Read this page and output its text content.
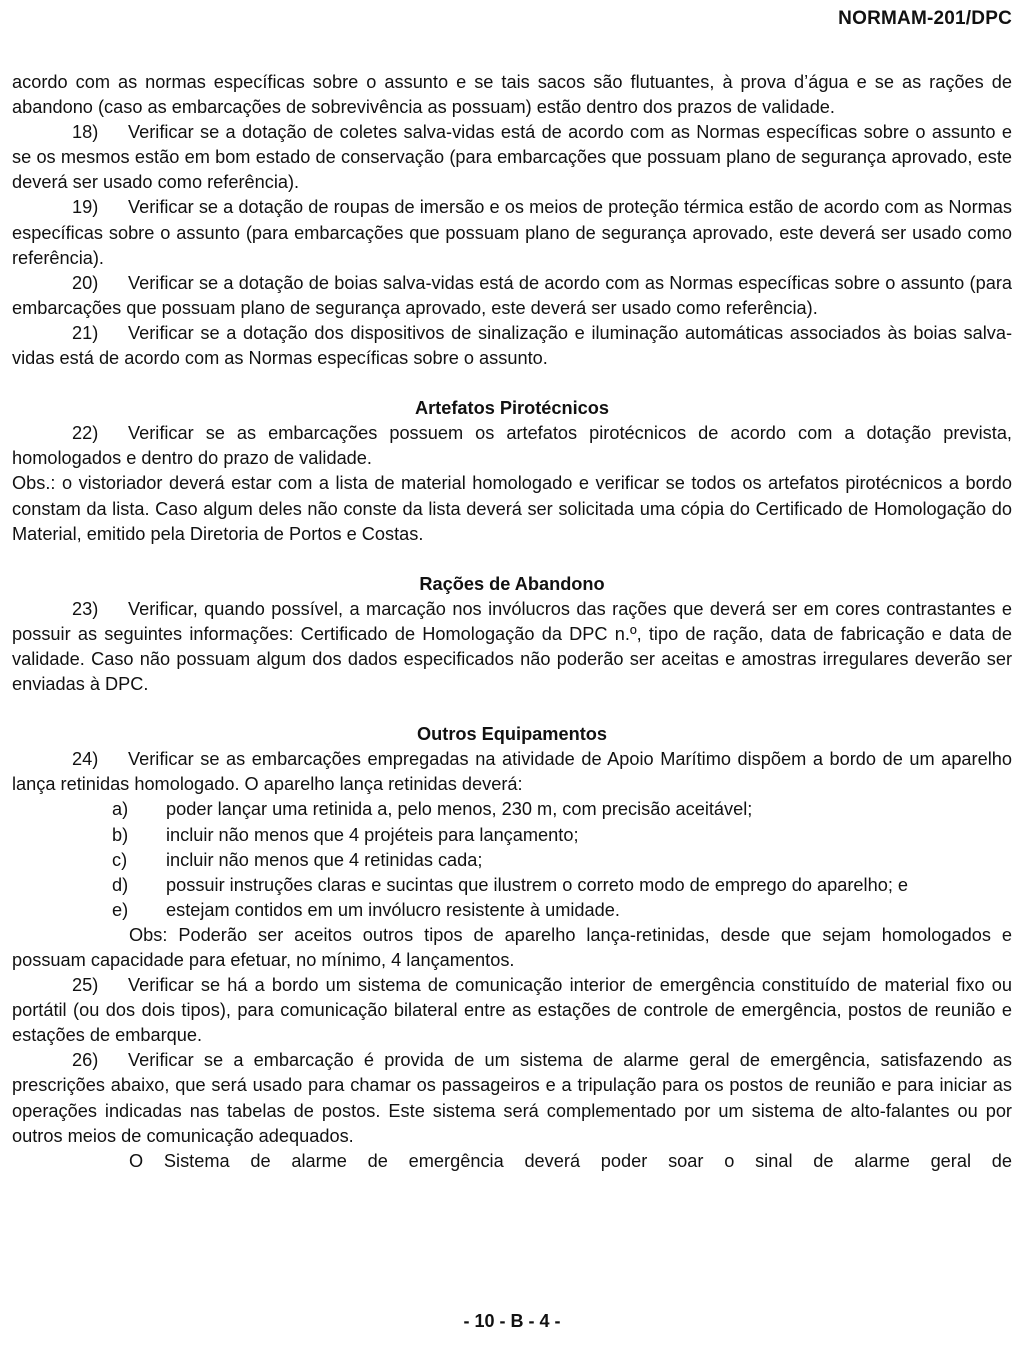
NORMAM-201/DPC

acordo com as normas específicas sobre o assunto e se tais sacos são flutuantes, à prova d’água e se as rações de abandono (caso as embarcações de sobrevivência as possuam) estão dentro dos prazos de validade.

18) Verificar se a dotação de coletes salva-vidas está de acordo com as Normas específicas sobre o assunto e se os mesmos estão em bom estado de conservação (para embarcações que possuam plano de segurança aprovado, este deverá ser usado como referência).

19) Verificar se a dotação de roupas de imersão e os meios de proteção térmica estão de acordo com as Normas específicas sobre o assunto (para embarcações que possuam plano de segurança aprovado, este deverá ser usado como referência).

20) Verificar se a dotação de boias salva-vidas está de acordo com as Normas específicas sobre o assunto (para embarcações que possuam plano de segurança aprovado, este deverá ser usado como referência).

21) Verificar se a dotação dos dispositivos de sinalização e iluminação automáticas associados às boias salva-vidas está de acordo com as Normas específicas sobre o assunto.

Artefatos Pirotécnicos

22) Verificar se as embarcações possuem os artefatos pirotécnicos de acordo com a dotação prevista, homologados e dentro do prazo de validade.

Obs.: o vistoriador deverá estar com a lista de material homologado e verificar se todos os artefatos pirotécnicos a bordo constam da lista. Caso algum deles não conste da lista deverá ser solicitada uma cópia do Certificado de Homologação do Material, emitido pela Diretoria de Portos e Costas.

Rações de Abandono

23) Verificar, quando possível, a marcação nos invólucros das rações que deverá ser em cores contrastantes e possuir as seguintes informações: Certificado de Homologação da DPC n.º, tipo de ração, data de fabricação e data de validade. Caso não possuam algum dos dados especificados não poderão ser aceitas e amostras irregulares deverão ser enviadas à DPC.

Outros Equipamentos

24) Verificar se as embarcações empregadas na atividade de Apoio Marítimo dispõem a bordo de um aparelho lança retinidas homologado. O aparelho lança retinidas deverá:

a) poder lançar uma retinida a, pelo menos, 230 m, com precisão aceitável;

b) incluir não menos que 4 projéteis para lançamento;

c) incluir não menos que 4 retinidas cada;

d) possuir instruções claras e sucintas que ilustrem o correto modo de emprego do aparelho; e

e) estejam contidos em um invólucro resistente à umidade.

Obs: Poderão ser aceitos outros tipos de aparelho lança-retinidas, desde que sejam homologados e possuam capacidade para efetuar, no mínimo, 4 lançamentos.

25) Verificar se há a bordo um sistema de comunicação interior de emergência constituído de material fixo ou portátil (ou dos dois tipos), para comunicação bilateral entre as estações de controle de emergência, postos de reunião e estações de embarque.

26) Verificar se a embarcação é provida de um sistema de alarme geral de emergência, satisfazendo as prescrições abaixo, que será usado para chamar os passageiros e a tripulação para os postos de reunião e para iniciar as operações indicadas nas tabelas de postos. Este sistema será complementado por um sistema de alto-falantes ou por outros meios de comunicação adequados.

O Sistema de alarme de emergência deverá poder soar o sinal de alarme geral de

- 10 - B - 4 -
